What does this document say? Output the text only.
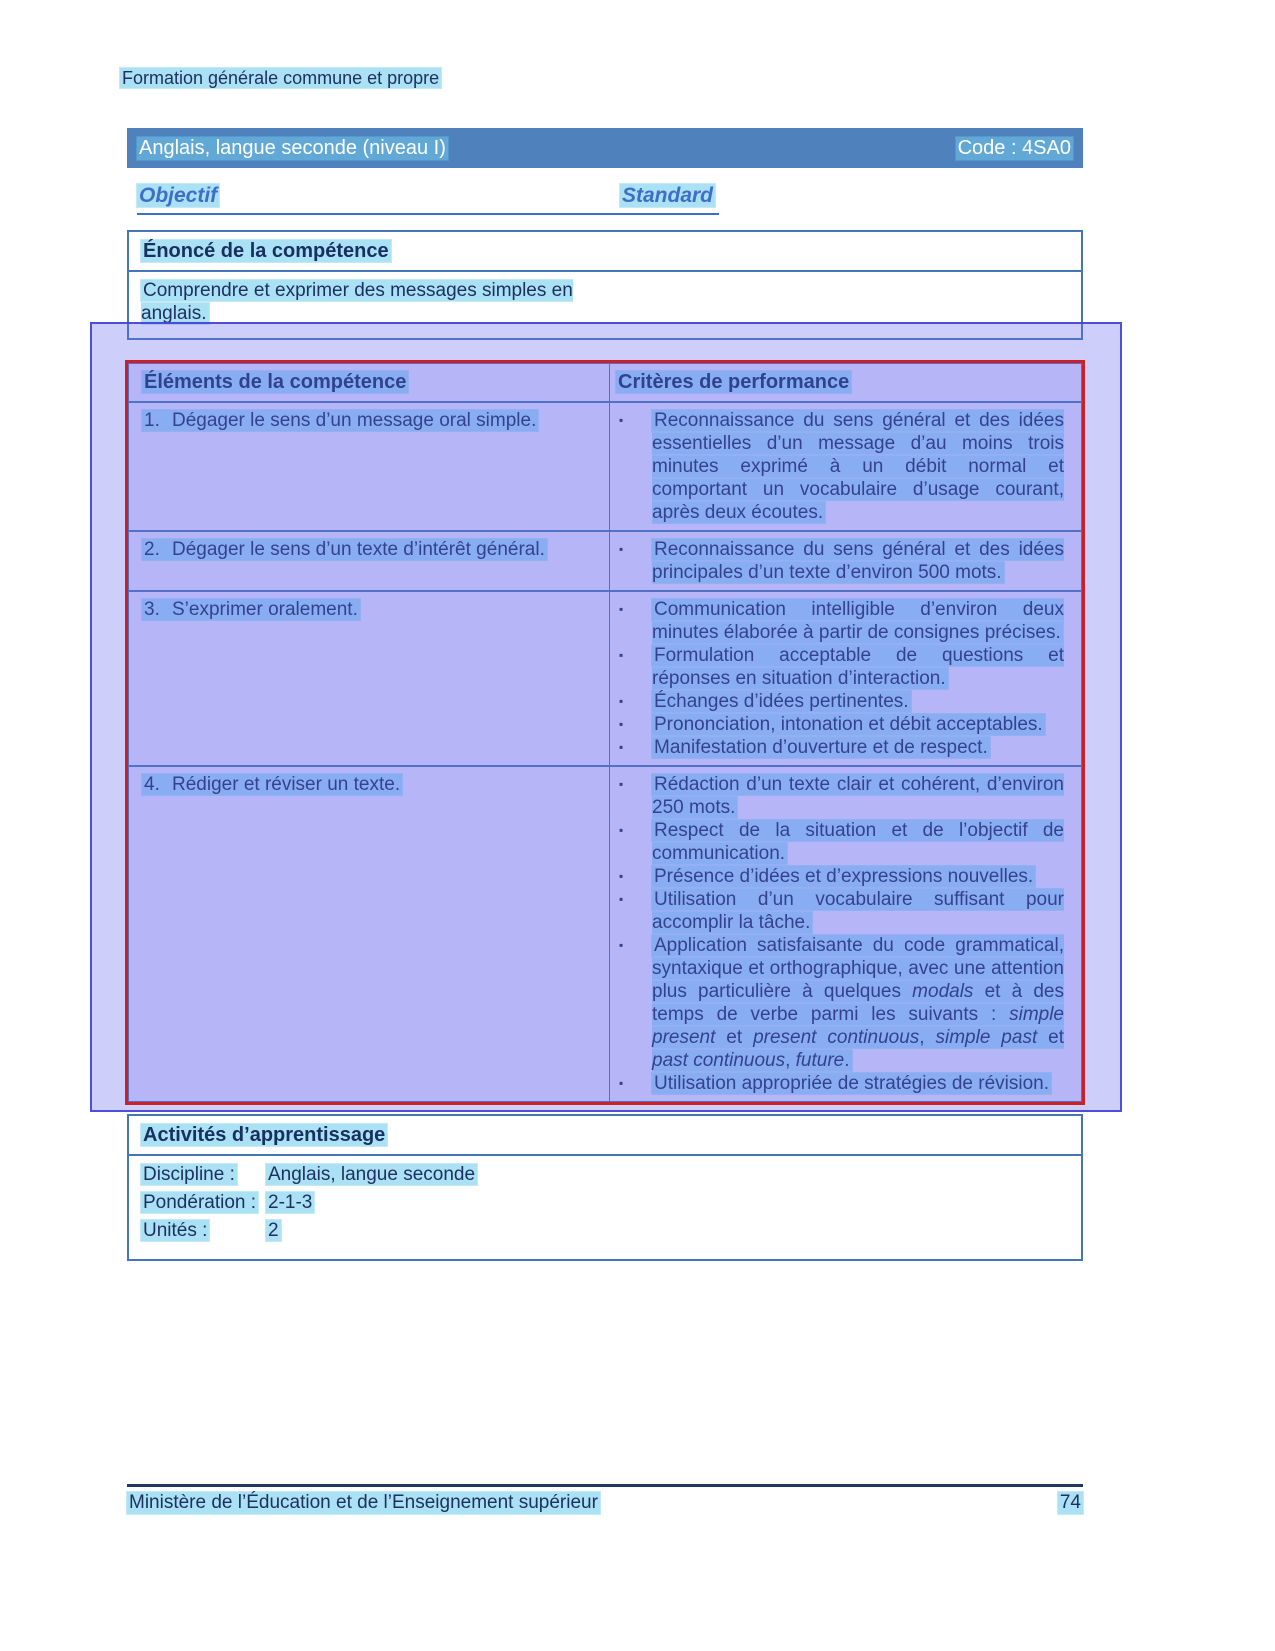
Formation générale commune et propre
Anglais, langue seconde (niveau I)	Code : 4SA0
Objectif	Standard
Énoncé de la compétence
Comprendre et exprimer des messages simples en anglais.
Éléments de la compétence	Critères de performance
1. Dégager le sens d’un message oral simple.	▪	Reconnaissance du sens général et des idées essentielles d’un message d’au moins trois minutes exprimé à un débit normal et comportant un vocabulaire d’usage courant, après deux écoutes.
2. Dégager le sens d’un texte d’intérêt général.	▪	Reconnaissance du sens général et des idées principales d’un texte d’environ 500 mots.
3. S’exprimer oralement.	▪	Communication intelligible d’environ deux minutes élaborée à partir de consignes précises.
▪	Formulation acceptable de questions et réponses en situation d’interaction.
▪	Échanges d’idées pertinentes.
▪	Prononciation, intonation et débit acceptables.
▪	Manifestation d’ouverture et de respect.
4. Rédiger et réviser un texte.	▪	Rédaction d’un texte clair et cohérent, d’environ 250 mots.
▪	Respect de la situation et de l’objectif de communication.
▪	Présence d’idées et d’expressions nouvelles.
▪	Utilisation d’un vocabulaire suffisant pour accomplir la tâche.
▪	Application satisfaisante du code grammatical, syntaxique et orthographique, avec une attention plus particulière à quelques modals et à des temps de verbe parmi les suivants : simple present et present continuous, simple past et past continuous, future.
▪	Utilisation appropriée de stratégies de révision.
Activités d’apprentissage
Discipline : Anglais, langue seconde
Pondération : 2-1-3
Unités :	2
Ministère de l’Éducation et de l’Enseignement supérieur	74
